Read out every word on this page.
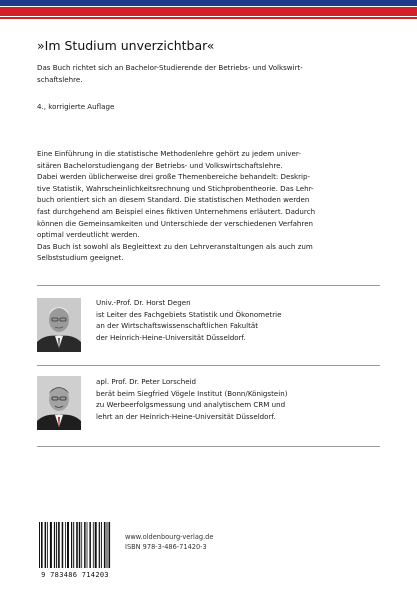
»Im Studium unverzichtbar«
Das Buch richtet sich an Bachelor-Studierende der Betriebs- und Volkswirt-
schaftslehre.
4., korrigierte Auflage
Eine Einführung in die statistische Methodenlehre gehört zu jedem univer-
sitären Bachelorstudiengang der Betriebs- und Volkswirtschaftslehre.
Dabei werden üblicherweise drei große Themenbereiche behandelt: Deskrip-
tive Statistik, Wahrscheinlichkeitsrechnung und Stichprobentheorie. Das Lehr-
buch orientiert sich an diesem Standard. Die statistischen Methoden werden
fast durchgehend am Beispiel eines fiktiven Unternehmens erläutert. Dadurch
können die Gemeinsamkeiten und Unterschiede der verschiedenen Verfahren
optimal verdeutlicht werden.
Das Buch ist sowohl als Begleittext zu den Lehrveranstaltungen als auch zum
Selbststudium geeignet.
Univ.-Prof. Dr. Horst Degen
ist Leiter des Fachgebiets Statistik und Ökonometrie
an der Wirtschaftswissenschaftlichen Fakultät
der Heinrich-Heine-Universität Düsseldorf.
apl. Prof. Dr. Peter Lorscheid
berät beim Siegfried Vögele Institut (Bonn/Königstein)
zu Werbeerfolgsmessung und analytischem CRM und
lehrt an der Heinrich-Heine-Universität Düsseldorf.
9 783486 714203
www.oldenbourg-verlag.de
ISBN 978-3-486-71420-3
